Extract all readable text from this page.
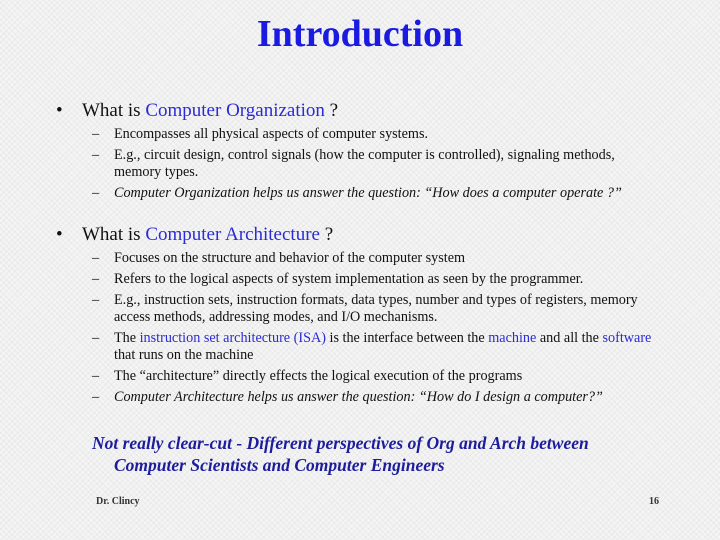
Introduction
• What is Computer Organization ?
– Encompasses all physical aspects of computer systems.
– E.g., circuit design, control signals (how the computer is controlled), signaling methods, memory types.
– Computer Organization helps us answer the question: “How does a computer operate ?”
• What is Computer Architecture ?
– Focuses on the structure and behavior of the computer system
– Refers to the logical aspects of system implementation as seen by the programmer.
– E.g., instruction sets, instruction formats, data types, number and types of registers, memory access methods, addressing modes, and I/O mechanisms.
– The instruction set architecture (ISA) is the interface between the machine and all the software that runs on the machine
– The “architecture” directly effects the logical execution of the programs
– Computer Architecture helps us answer the question: “How do I design a computer?”
Not really clear-cut - Different perspectives of Org and Arch between
Computer Scientists and Computer Engineers
Dr. Clincy	16
